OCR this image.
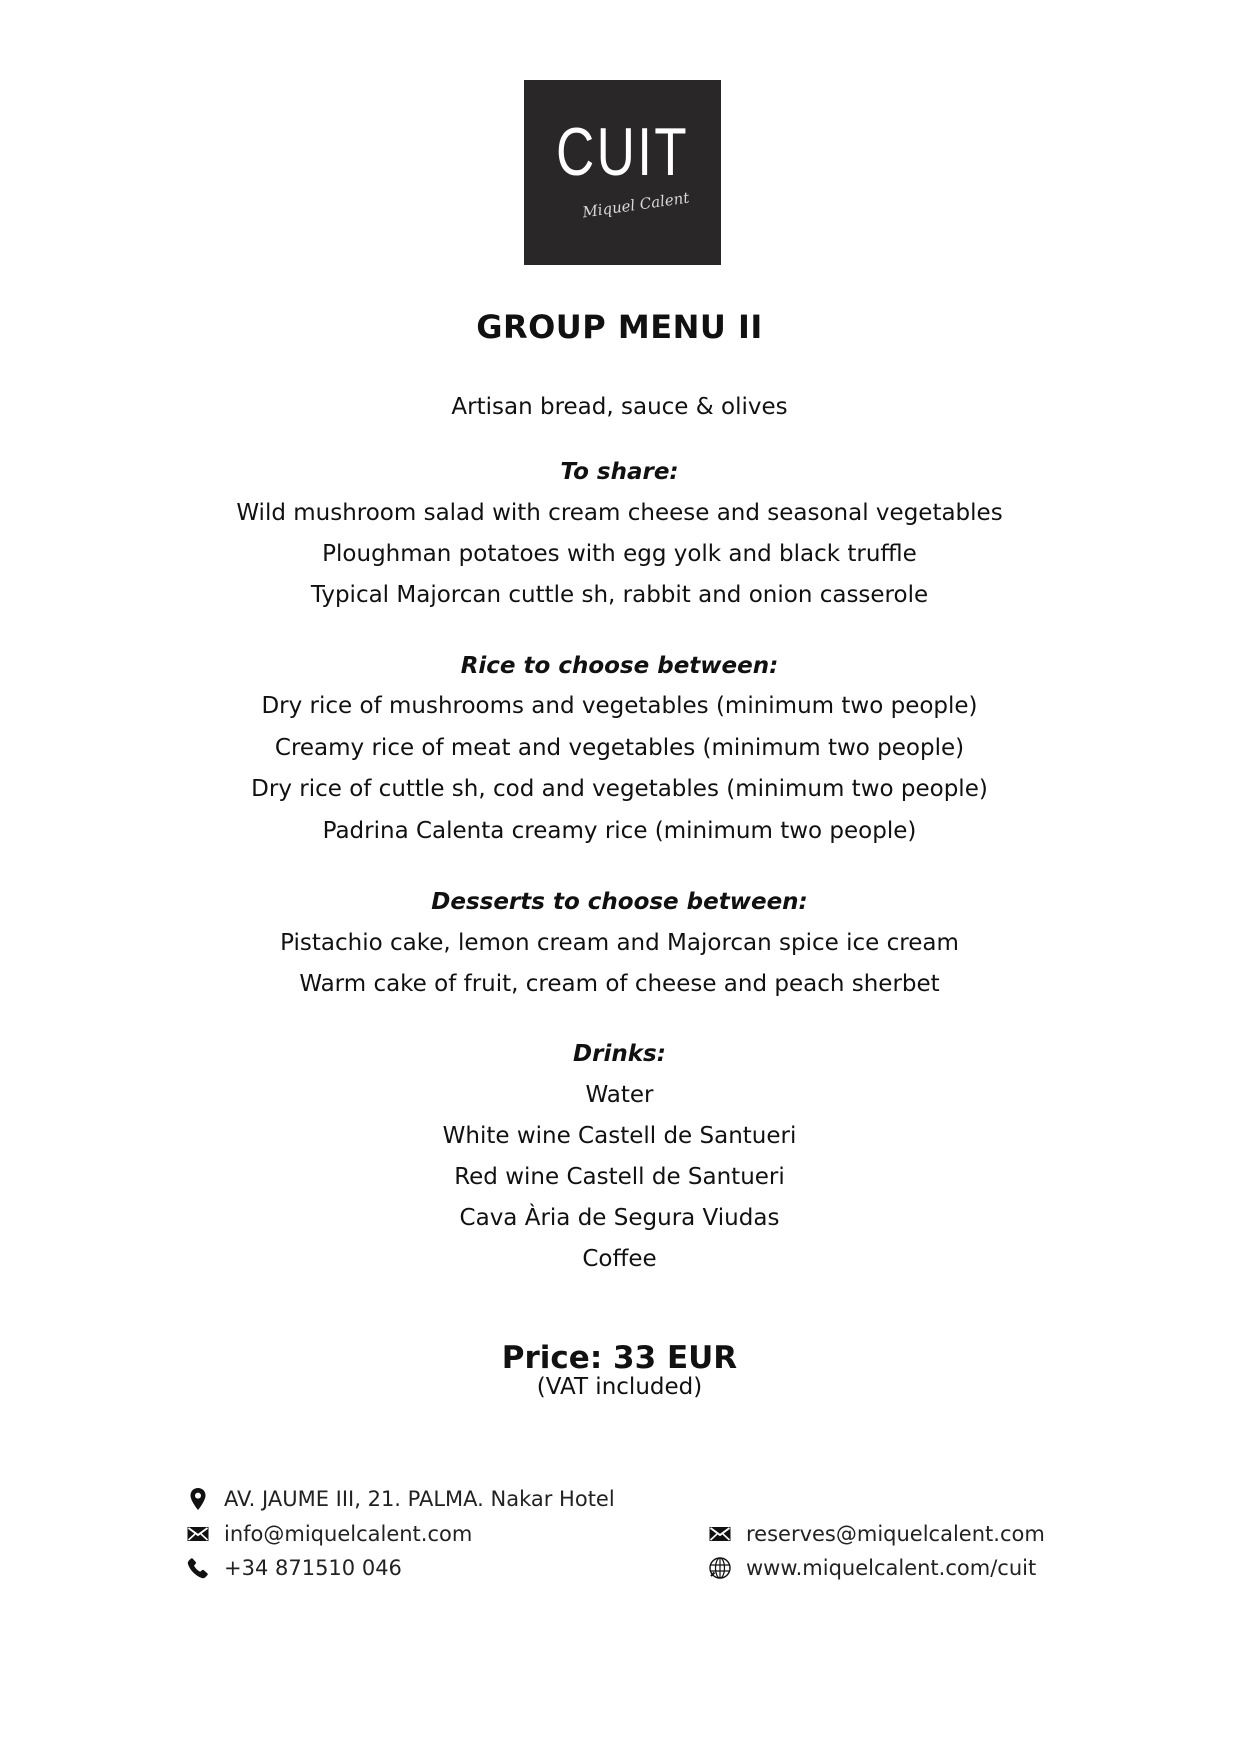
CUIT
Miquel Calent
GROUP MENU II
Artisan bread, sauce & olives
To share:
Wild mushroom salad with cream cheese and seasonal vegetables
Ploughman potatoes with egg yolk and black truffle
Typical Majorcan cuttle sh, rabbit and onion casserole
Rice to choose between:
Dry rice of mushrooms and vegetables (minimum two people)
Creamy rice of meat and vegetables (minimum two people)
Dry rice of cuttle sh, cod and vegetables (minimum two people)
Padrina Calenta creamy rice (minimum two people)
Desserts to choose between:
Pistachio cake, lemon cream and Majorcan spice ice cream
Warm cake of fruit, cream of cheese and peach sherbet
Drinks:
Water
White wine Castell de Santueri
Red wine Castell de Santueri
Cava Ària de Segura Viudas
Coffee
Price: 33 EUR
(VAT included)
AV. JAUME III, 21. PALMA. Nakar Hotel
info@miquelcalent.com
+34 871510 046
reserves@miquelcalent.com
www.miquelcalent.com/cuit
